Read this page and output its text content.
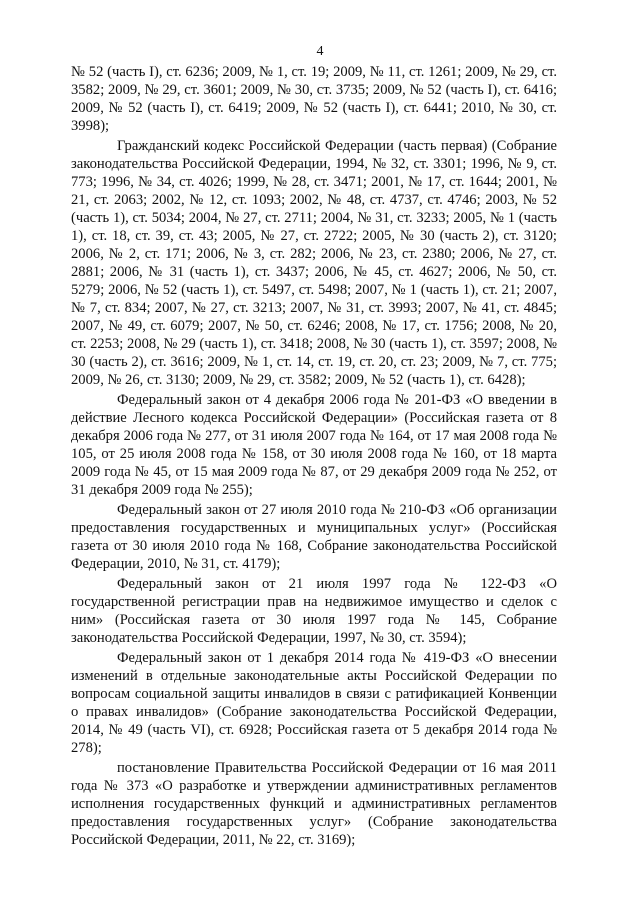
4

№ 52 (часть I), ст. 6236; 2009, № 1, ст. 19; 2009, № 11, ст. 1261; 2009, № 29, ст. 3582; 2009, № 29, ст. 3601; 2009, № 30, ст. 3735; 2009, № 52 (часть I), ст. 6416; 2009, № 52 (часть I), ст. 6419; 2009, № 52 (часть I), ст. 6441; 2010, № 30, ст. 3998);

Гражданский кодекс Российской Федерации (часть первая) (Собрание законодательства Российской Федерации, 1994, № 32, ст. 3301; 1996, № 9, ст. 773; 1996, № 34, ст. 4026; 1999, № 28, ст. 3471; 2001, № 17, ст. 1644; 2001, № 21, ст. 2063; 2002, № 12, ст. 1093; 2002, № 48, ст. 4737, ст. 4746; 2003, № 52 (часть 1), ст. 5034; 2004, № 27, ст. 2711; 2004, № 31, ст. 3233; 2005, № 1 (часть 1), ст. 18, ст. 39, ст. 43; 2005, № 27, ст. 2722; 2005, № 30 (часть 2), ст. 3120; 2006, № 2, ст. 171; 2006, № 3, ст. 282; 2006, № 23, ст. 2380; 2006, № 27, ст. 2881; 2006, № 31 (часть 1), ст. 3437; 2006, № 45, ст. 4627; 2006, № 50, ст. 5279; 2006, № 52 (часть 1), ст. 5497, ст. 5498; 2007, № 1 (часть 1), ст. 21; 2007, № 7, ст. 834; 2007, № 27, ст. 3213; 2007, № 31, ст. 3993; 2007, № 41, ст. 4845; 2007, № 49, ст. 6079; 2007, № 50, ст. 6246; 2008, № 17, ст. 1756; 2008, № 20, ст. 2253; 2008, № 29 (часть 1), ст. 3418; 2008, № 30 (часть 1), ст. 3597; 2008, № 30 (часть 2), ст. 3616; 2009, № 1, ст. 14, ст. 19, ст. 20, ст. 23; 2009, № 7, ст. 775; 2009, № 26, ст. 3130; 2009, № 29, ст. 3582; 2009, № 52 (часть 1), ст. 6428);

Федеральный закон от 4 декабря 2006 года № 201-ФЗ «О введении в действие Лесного кодекса Российской Федерации» (Российская газета от 8 декабря 2006 года № 277, от 31 июля 2007 года № 164, от 17 мая 2008 года № 105, от 25 июля 2008 года № 158, от 30 июля 2008 года № 160, от 18 марта 2009 года № 45, от 15 мая 2009 года № 87, от 29 декабря 2009 года № 252, от 31 декабря 2009 года № 255);

Федеральный закон от 27 июля 2010 года № 210-ФЗ «Об организации предоставления государственных и муниципальных услуг» (Российская газета от 30 июля 2010 года № 168, Собрание законодательства Российской Федерации, 2010, № 31, ст. 4179);

Федеральный закон от 21 июля 1997 года № 122-ФЗ «О государственной регистрации прав на недвижимое имущество и сделок с ним» (Российская газета от 30 июля 1997 года № 145, Собрание законодательства Российской Федерации, 1997, № 30, ст. 3594);

Федеральный закон от 1 декабря 2014 года № 419-ФЗ «О внесении изменений в отдельные законодательные акты Российской Федерации по вопросам социальной защиты инвалидов в связи с ратификацией Конвенции о правах инвалидов» (Собрание законодательства Российской Федерации, 2014, № 49 (часть VI), ст. 6928; Российская газета от 5 декабря 2014 года № 278);

постановление Правительства Российской Федерации от 16 мая 2011 года № 373 «О разработке и утверждении административных регламентов исполнения государственных функций и административных регламентов предоставления государственных услуг» (Собрание законодательства Российской Федерации, 2011, № 22, ст. 3169);
